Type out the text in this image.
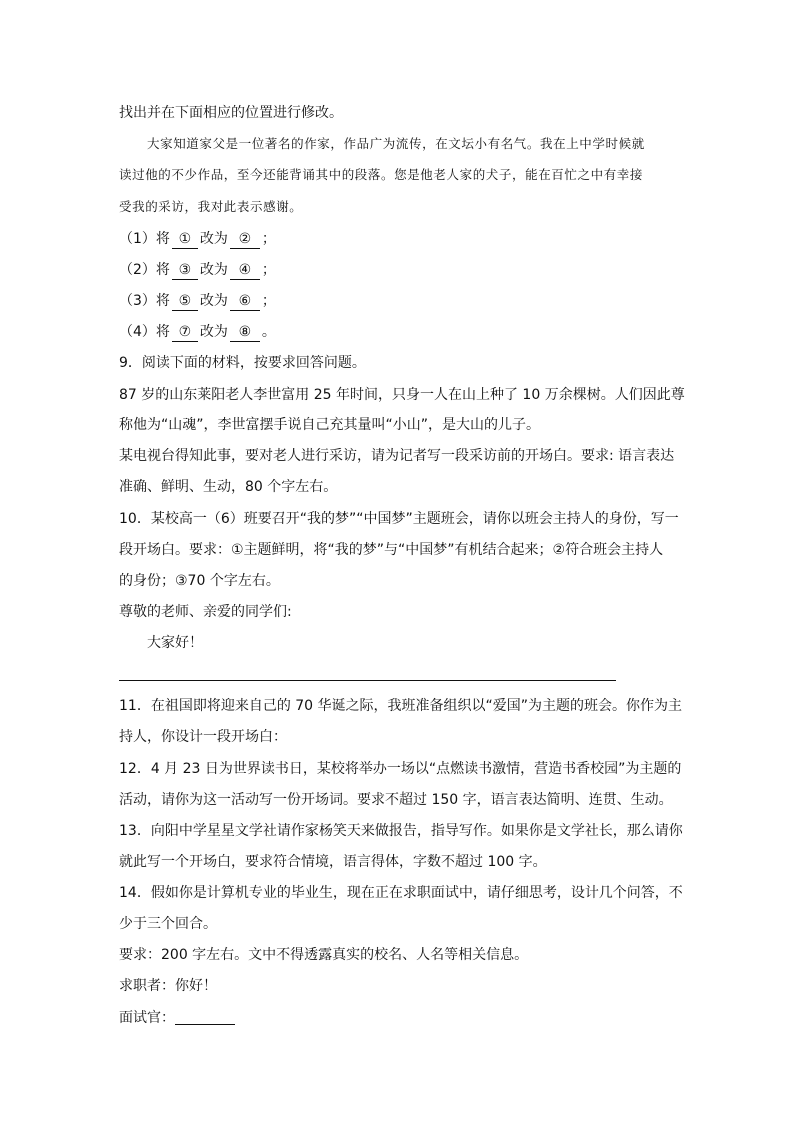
找出并在下面相应的位置进行修改。
大家知道家父是一位著名的作家，作品广为流传，在文坛小有名气。我在上中学时候就
读过他的不少作品，至今还能背诵其中的段落。您是他老人家的犬子，能在百忙之中有幸接
受我的采访，我对此表示感谢。
（1）将 ① 改为 ② ；
（2）将 ③ 改为 ④ ；
（3）将 ⑤ 改为 ⑥ ；
（4）将 ⑦ 改为 ⑧ 。
9．阅读下面的材料，按要求回答问题。
87 岁的山东莱阳老人李世富用 25 年时间，只身一人在山上种了 10 万余棵树。人们因此尊
称他为“山魂”，李世富摆手说自己充其量叫“小山”，是大山的儿子。
某电视台得知此事，要对老人进行采访，请为记者写一段采访前的开场白。要求: 语言表达
准确、鲜明、生动，80 个字左右。
10．某校高一（6）班要召开“我的梦”“中国梦”主题班会，请你以班会主持人的身份，写一
段开场白。要求：①主题鲜明，将“我的梦”与“中国梦”有机结合起来；②符合班会主持人
的身份；③70 个字左右。
尊敬的老师、亲爱的同学们:
大家好！
11．在祖国即将迎来自己的 70 华诞之际，我班准备组织以“爱国”为主题的班会。你作为主
持人，你设计一段开场白：
12．4 月 23 日为世界读书日，某校将举办一场以“点燃读书激情，营造书香校园”为主题的
活动，请你为这一活动写一份开场词。要求不超过 150 字，语言表达简明、连贯、生动。
13．向阳中学星星文学社请作家杨笑天来做报告，指导写作。如果你是文学社长，那么请你
就此写一个开场白，要求符合情境，语言得体，字数不超过 100 字。
14．假如你是计算机专业的毕业生，现在正在求职面试中，请仔细思考，设计几个问答，不
少于三个回合。
要求：200 字左右。文中不得透露真实的校名、人名等相关信息。
求职者：你好！
面试官：
